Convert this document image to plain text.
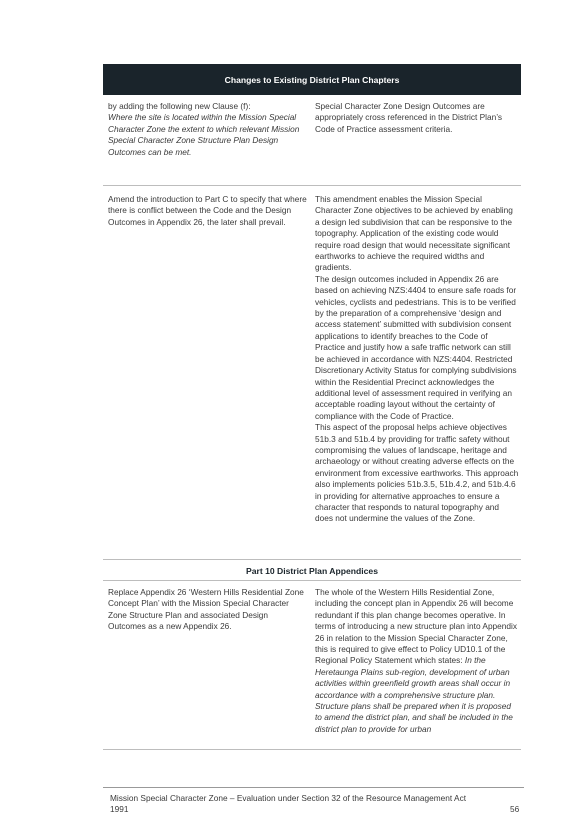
Changes to Existing District Plan Chapters

by adding the following new Clause (f):

Where the site is located within the Mission Special Character Zone the extent to which relevant Mission Special Character Zone Structure Plan Design Outcomes can be met.

Special Character Zone Design Outcomes are appropriately cross referenced in the District Plan’s Code of Practice assessment criteria.

Amend the introduction to Part C to specify that where there is conflict between the Code and the Design Outcomes in Appendix 26, the later shall prevail.

This amendment enables the Mission Special Character Zone objectives to be achieved by enabling a design led subdivision that can be responsive to the topography. Application of the existing code would require road design that would necessitate significant earthworks to achieve the required widths and gradients.

The design outcomes included in Appendix 26 are based on achieving NZS:4404 to ensure safe roads for vehicles, cyclists and pedestrians. This is to be verified by the preparation of a comprehensive ‘design and access statement’ submitted with subdivision consent applications to identify breaches to the Code of Practice and justify how a safe traffic network can still be achieved in accordance with NZS:4404. Restricted Discretionary Activity Status for complying subdivisions within the Residential Precinct acknowledges the additional level of assessment required in verifying an acceptable roading layout without the certainty of compliance with the Code of Practice.

This aspect of the proposal helps achieve objectives 51b.3 and 51b.4 by providing for traffic safety without compromising the values of landscape, heritage and archaeology or without creating adverse effects on the environment from excessive earthworks. This approach also implements policies 51b.3.5, 51b.4.2, and 51b.4.6 in providing for alternative approaches to ensure a character that responds to natural topography and does not undermine the values of the Zone.

Part 10 District Plan Appendices

Replace Appendix 26 ‘Western Hills Residential Zone Concept Plan’ with the Mission Special Character Zone Structure Plan and associated Design Outcomes as a new Appendix 26.

The whole of the Western Hills Residential Zone, including the concept plan in Appendix 26 will become redundant if this plan change becomes operative. In terms of introducing a new structure plan into Appendix 26 in relation to the Mission Special Character Zone, this is required to give effect to Policy UD10.1 of the Regional Policy Statement which states: In the Heretaunga Plains sub-region, development of urban activities within greenfield growth areas shall occur in accordance with a comprehensive structure plan. Structure plans shall be prepared when it is proposed to amend the district plan, and shall be included in the district plan to provide for urban

Mission Special Character Zone – Evaluation under Section 32 of the Resource Management Act 1991	56
